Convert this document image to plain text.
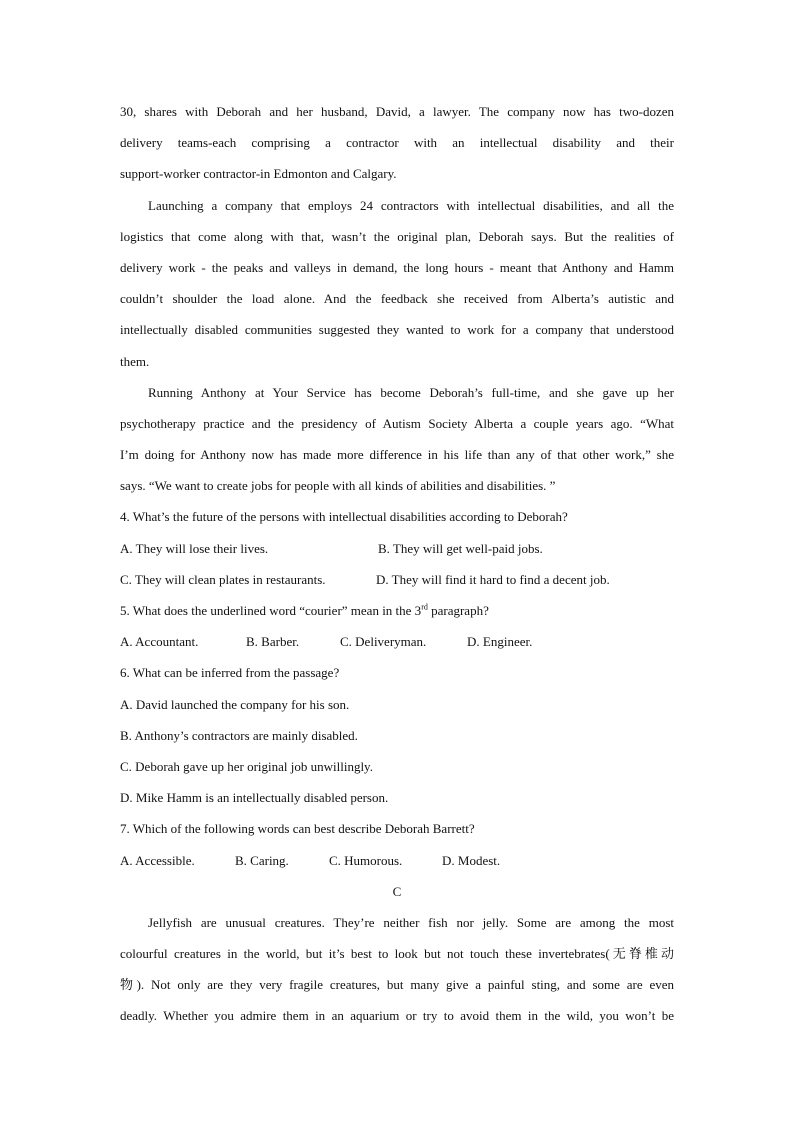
30, shares with Deborah and her husband, David, a lawyer. The company now has two-dozen
delivery teams-each comprising a contractor with an intellectual disability and their
support-worker contractor-in Edmonton and Calgary.
Launching a company that employs 24 contractors with intellectual disabilities, and all the
logistics that come along with that, wasn’t the original plan, Deborah says. But the realities of
delivery work - the peaks and valleys in demand, the long hours - meant that Anthony and Hamm
couldn’t shoulder the load alone. And the feedback she received from Alberta’s autistic and
intellectually disabled communities suggested they wanted to work for a company that understood
them.
Running Anthony at Your Service has become Deborah’s full-time, and she gave up her
psychotherapy practice and the presidency of Autism Society Alberta a couple years ago. “What
I’m doing for Anthony now has made more difference in his life than any of that other work,” she
says. “We want to create jobs for people with all kinds of abilities and disabilities. ”
4. What’s the future of the persons with intellectual disabilities according to Deborah?
A. They will lose their lives.	B. They will get well-paid jobs.
C. They will clean plates in restaurants.	D. They will find it hard to find a decent job.
5. What does the underlined word “courier” mean in the 3rd paragraph?
A. Accountant.	B. Barber.	C. Deliveryman.	D. Engineer.
6. What can be inferred from the passage?
A. David launched the company for his son.
B. Anthony’s contractors are mainly disabled.
C. Deborah gave up her original job unwillingly.
D. Mike Hamm is an intellectually disabled person.
7. Which of the following words can best describe Deborah Barrett?
A. Accessible.	B. Caring.	C. Humorous.	D. Modest.
C
Jellyfish are unusual creatures. They’re neither fish nor jelly. Some are among the most
colourful creatures in the world, but it’s best to look but not touch these invertebrates(无脊椎动
物). Not only are they very fragile creatures, but many give a painful sting, and some are even
deadly. Whether you admire them in an aquarium or try to avoid them in the wild, you won’t be
